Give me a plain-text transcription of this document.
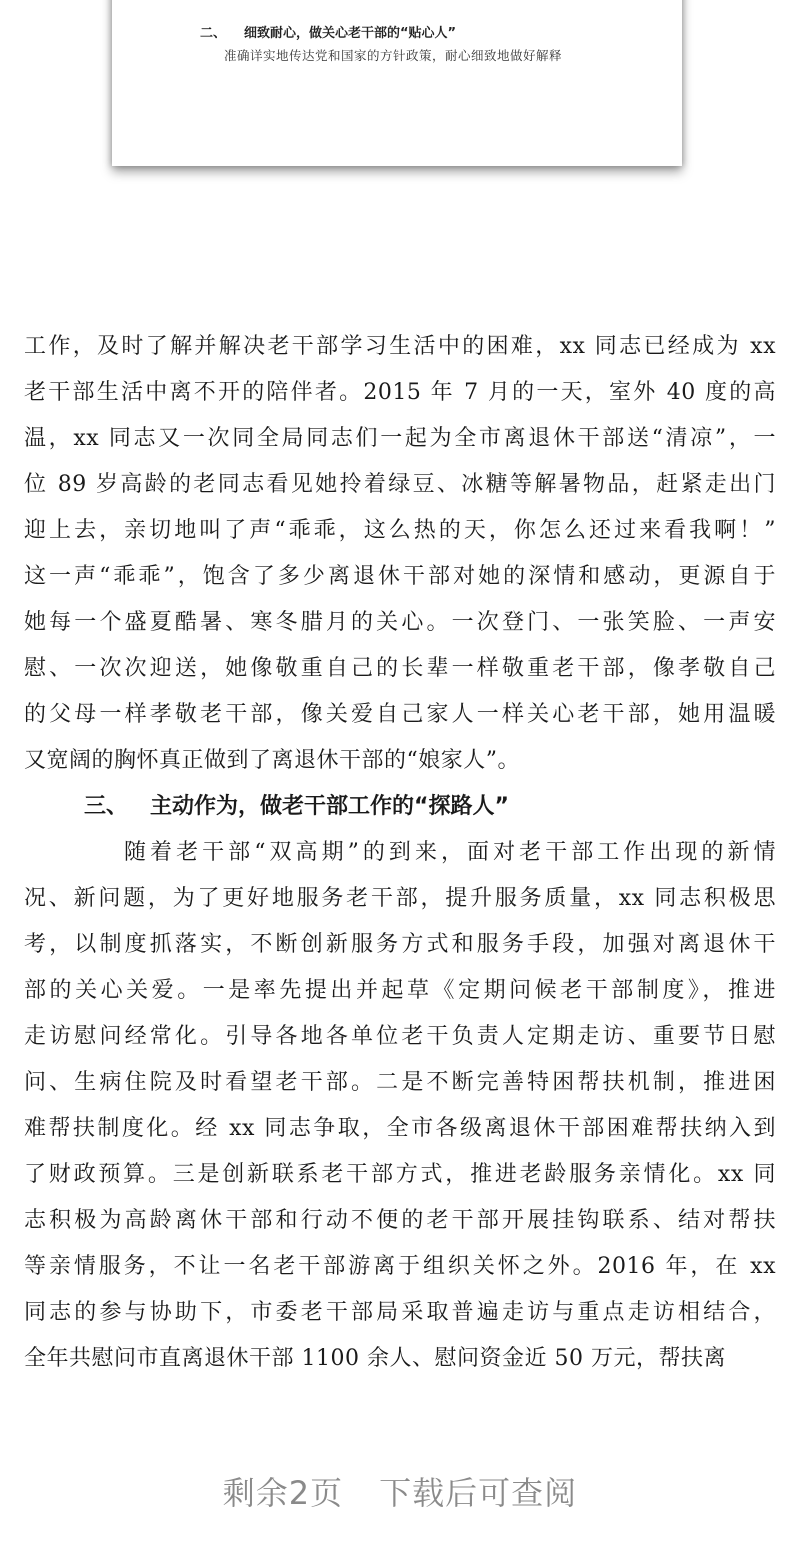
二、 细致耐心，做关心老干部的“贴心人”
准确详实地传达党和国家的方针政策，耐心细致地做好解释

工作，及时了解并解决老干部学习生活中的困难，xx 同志已经成为 xx

老干部生活中离不开的陪伴者。2015 年 7 月的一天，室外 40 度的高

温，xx 同志又一次同全局同志们一起为全市离退休干部送“清凉”，一

位 89 岁高龄的老同志看见她拎着绿豆、冰糖等解暑物品，赶紧走出门

迎上去，亲切地叫了声“乖乖，这么热的天，你怎么还过来看我啊！”

这一声“乖乖”，饱含了多少离退休干部对她的深情和感动，更源自于

她每一个盛夏酷暑、寒冬腊月的关心。一次登门、一张笑脸、一声安

慰、一次次迎送，她像敬重自己的长辈一样敬重老干部，像孝敬自己

的父母一样孝敬老干部，像关爱自己家人一样关心老干部，她用温暖

又宽阔的胸怀真正做到了离退休干部的“娘家人”。

三、 主动作为，做老干部工作的“探路人”

随着老干部“双高期”的到来，面对老干部工作出现的新情

况、新问题，为了更好地服务老干部，提升服务质量，xx 同志积极思

考，以制度抓落实，不断创新服务方式和服务手段，加强对离退休干

部的关心关爱。一是率先提出并起草《定期问候老干部制度》，推进

走访慰问经常化。引导各地各单位老干负责人定期走访、重要节日慰

问、生病住院及时看望老干部。二是不断完善特困帮扶机制，推进困

难帮扶制度化。经 xx 同志争取，全市各级离退休干部困难帮扶纳入到

了财政预算。三是创新联系老干部方式，推进老龄服务亲情化。xx 同

志积极为高龄离休干部和行动不便的老干部开展挂钩联系、结对帮扶

等亲情服务，不让一名老干部游离于组织关怀之外。2016 年，在 xx

同志的参与协助下，市委老干部局采取普遍走访与重点走访相结合，

全年共慰问市直离退休干部 1100 余人、慰问资金近 50 万元，帮扶离

剩余2页 下载后可查阅
